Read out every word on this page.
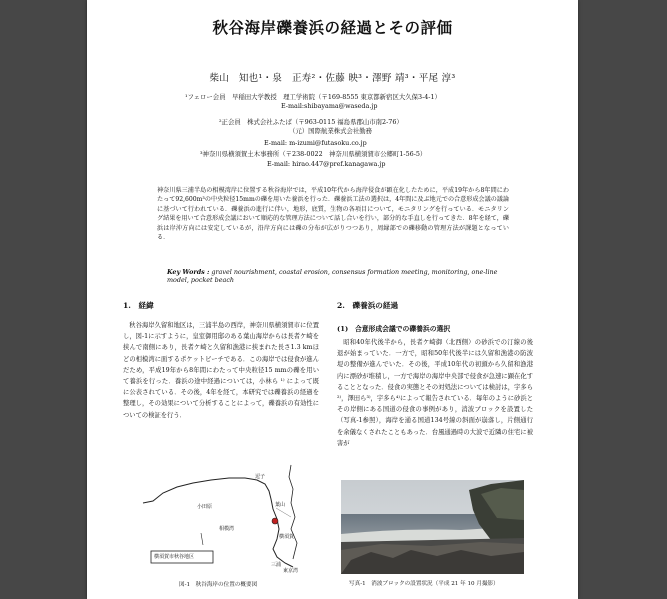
秋谷海岸礫養浜の経過とその評価
柴山　知也¹・泉　正寿²・佐藤 映³・澤野 靖³・平尾 淳³
¹フェロー会員　早稲田大学教授　理工学術院（〒169-8555 東京都新宿区大久保3-4-1）
E-mail:shibayama@waseda.jp
²正会員　株式会社ふたば（〒963-0115 福島県郡山市南2-76）
（元）国際航業株式会社勤務
E-mail: m-izumi@futasoku.co.jp
³神奈川県横須賀土木事務所（〒238-0022　神奈川県横須賀市公郷町1-56-5）
E-mail: hirao.447@pref.kanagawa.jp
神奈川県三浦半島の相模湾岸に位置する秋谷海岸では，平成10年代から海岸侵食が顕在化したために，平成19年から8年間にわたって92,600m³の中央粒径15mmの礫を用いた養浜を行った．礫養浜工法の選択は，4年間に及ぶ地元での合意形成会議の議論に基づいて行われている．礫養浜の進行に伴い，地形，底質，生物の各項目について，モニタリングを行っている．モニタリング結果を用いて合意形成会議において順応的な管理方法について話し合いを行い，部分的な手直しを行ってきた．8年を経て，礫浜は岸沖方向には安定しているが，沿岸方向には礫の分布が広がりつつあり，周縁部での礫移動の管理方法が課題となっている．
Key Words : gravel nourishment, coastal erosion, consensus formation meeting, monitoring, one-line model, pocket beach
1.　経緯
秋谷海岸久留和地区は，三浦半島の西岸，神奈川県横須賀市に位置し，図-1に示すように，皇室御用邸のある葉山海岸からは長者ケ崎を挟んで南側にあり，長者ケ崎と久留和漁港に挟まれた長さ1.3 kmほどの相模湾に面するポケットビーチである．この海岸では侵食が進んだため，平成19年から8年間にわたって中央粒径15 mmの礫を用いて養浜を行った．養浜の途中経過については，小林ら ¹⁾ によって既に公表されている．その後，4年を経て，本研究では礫養浜の経過を整理し，その効果について分析することによって，礫養浜の有効性についての検証を行う．
2.　礫養浜の経過
(1)　合意形成会議での礫養浜の選択
昭和40年代後半から，長者ケ崎御（北西側）の砂浜での汀線の後退が始まっていた．一方で，昭和50年代後半には久留和漁港の防波堤の整備が進んでいた．その後，平成10年代の初頭から久留和漁港内に漂砂が堆積し，一方で海岸の海岸中央部で侵食が急速に顕在化することとなった．侵食の実態とその対処法については検討は，宇多ら²⁾，澤田ら³⁾，宇多ら⁴⁾によって報告されている．毎年のように砂浜とその岸側にある国道の侵食の事例があり，消波ブロックを設置した（写真-1参照），海岸を通る国道134号線の斜面が崩落し，片側通行を余儀なくされたこともあった．台風通過時の大波で近隣の住宅に被害が
逗子
葉山
小田原
相模湾
横須賀
三浦
東京湾
横須賀市秋谷地区
図-1　秋谷海岸の位置の概要図	写真-1　消波ブロックの設置状況（平成 21 年 10 月撮影）
